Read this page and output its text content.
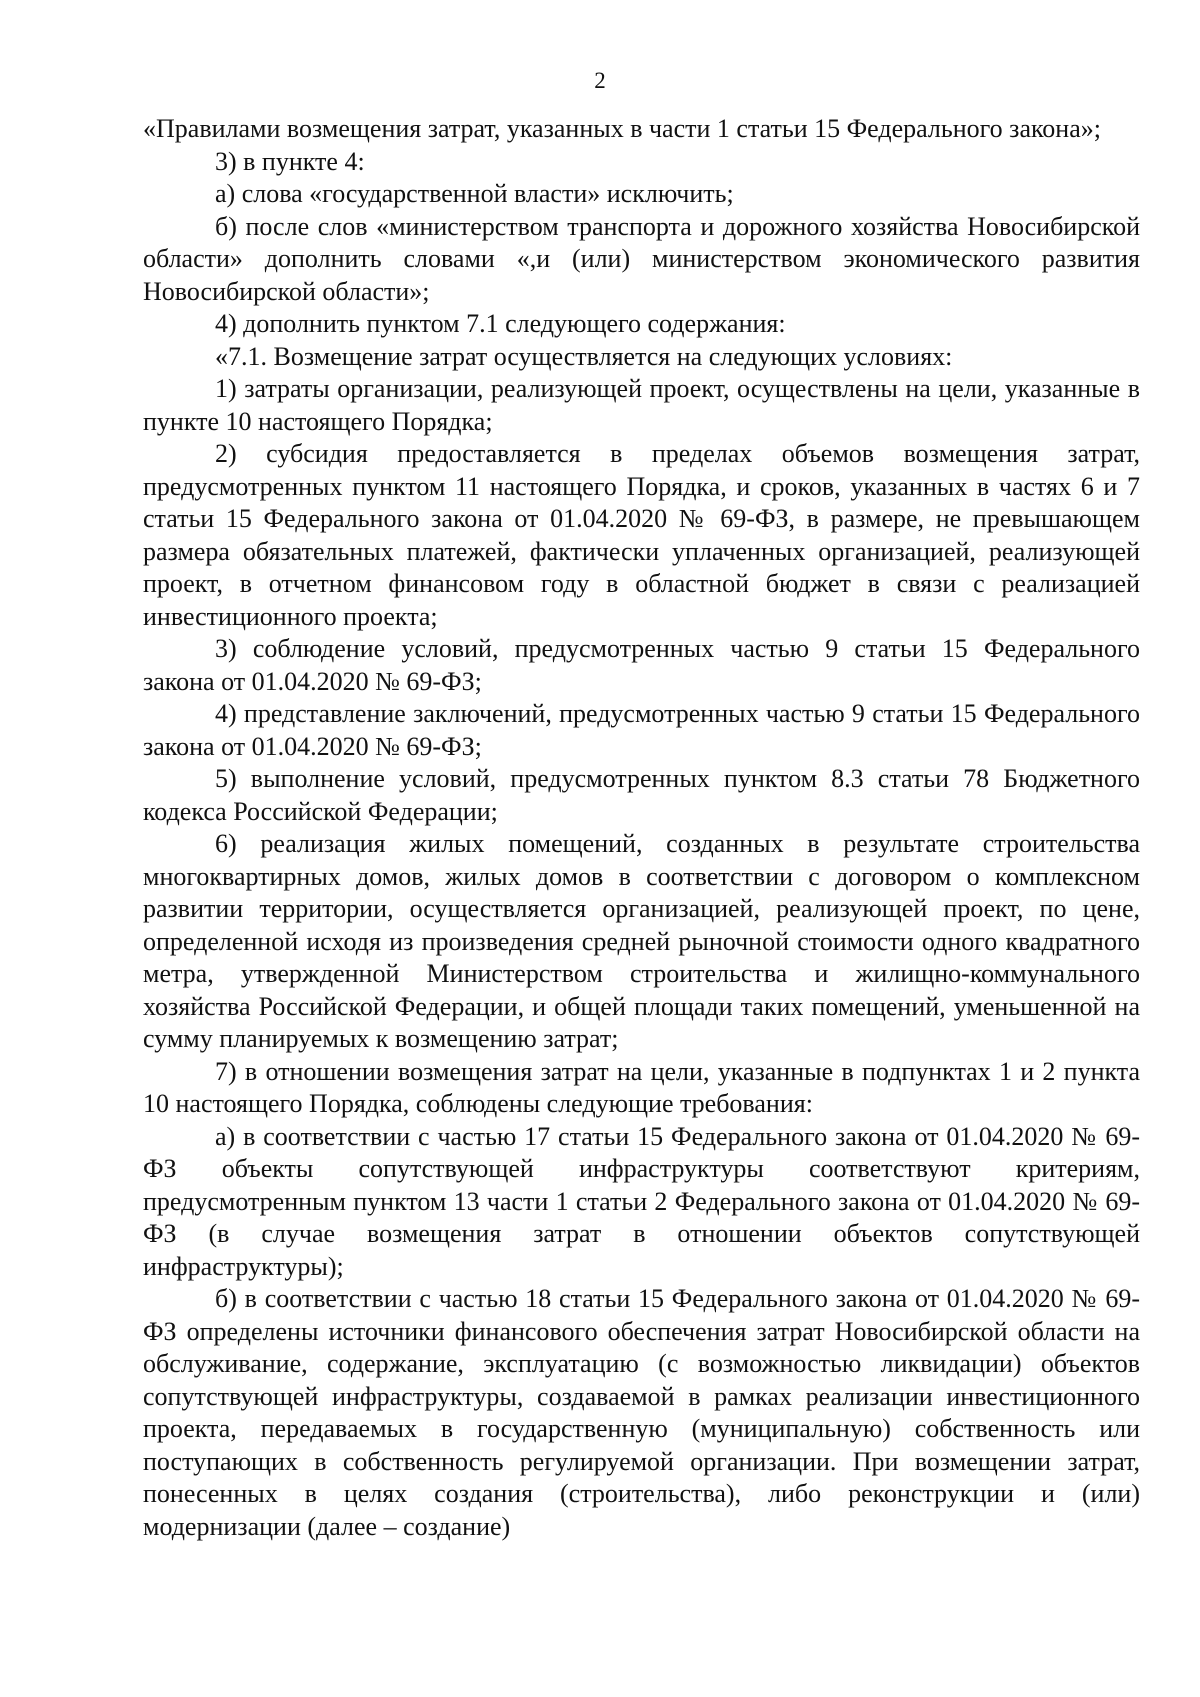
2

«Правилами возмещения затрат, указанных в части 1 статьи 15 Федерального закона»;

3) в пункте 4:

а) слова «государственной власти» исключить;

б) после слов «министерством транспорта и дорожного хозяйства Новосибирской области» дополнить словами «,и (или) министерством экономического развития Новосибирской области»;

4) дополнить пунктом 7.1 следующего содержания:

«7.1. Возмещение затрат осуществляется на следующих условиях:

1) затраты организации, реализующей проект, осуществлены на цели, указанные в пункте 10 настоящего Порядка;

2) субсидия предоставляется в пределах объемов возмещения затрат, предусмотренных пунктом 11 настоящего Порядка, и сроков, указанных в частях 6 и 7 статьи 15 Федерального закона от 01.04.2020 № 69-ФЗ, в размере, не превышающем размера обязательных платежей, фактически уплаченных организацией, реализующей проект, в отчетном финансовом году в областной бюджет в связи с реализацией инвестиционного проекта;

3) соблюдение условий, предусмотренных частью 9 статьи 15 Федерального закона от 01.04.2020 № 69-ФЗ;

4) представление заключений, предусмотренных частью 9 статьи 15 Федерального закона от 01.04.2020 № 69-ФЗ;

5) выполнение условий, предусмотренных пунктом 8.3 статьи 78 Бюджетного кодекса Российской Федерации;

6) реализация жилых помещений, созданных в результате строительства многоквартирных домов, жилых домов в соответствии с договором о комплексном развитии территории, осуществляется организацией, реализующей проект, по цене, определенной исходя из произведения средней рыночной стоимости одного квадратного метра, утвержденной Министерством строительства и жилищно-коммунального хозяйства Российской Федерации, и общей площади таких помещений, уменьшенной на сумму планируемых к возмещению затрат;

7) в отношении возмещения затрат на цели, указанные в подпунктах 1 и 2 пункта 10 настоящего Порядка, соблюдены следующие требования:

а) в соответствии с частью 17 статьи 15 Федерального закона от 01.04.2020 № 69-ФЗ объекты сопутствующей инфраструктуры соответствуют критериям, предусмотренным пунктом 13 части 1 статьи 2 Федерального закона от 01.04.2020 № 69-ФЗ (в случае возмещения затрат в отношении объектов сопутствующей инфраструктуры);

б) в соответствии с частью 18 статьи 15 Федерального закона от 01.04.2020 № 69-ФЗ определены источники финансового обеспечения затрат Новосибирской области на обслуживание, содержание, эксплуатацию (с возможностью ликвидации) объектов сопутствующей инфраструктуры, создаваемой в рамках реализации инвестиционного проекта, передаваемых в государственную (муниципальную) собственность или поступающих в собственность регулируемой организации. При возмещении затрат, понесенных в целях создания (строительства), либо реконструкции и (или) модернизации (далее – создание)
